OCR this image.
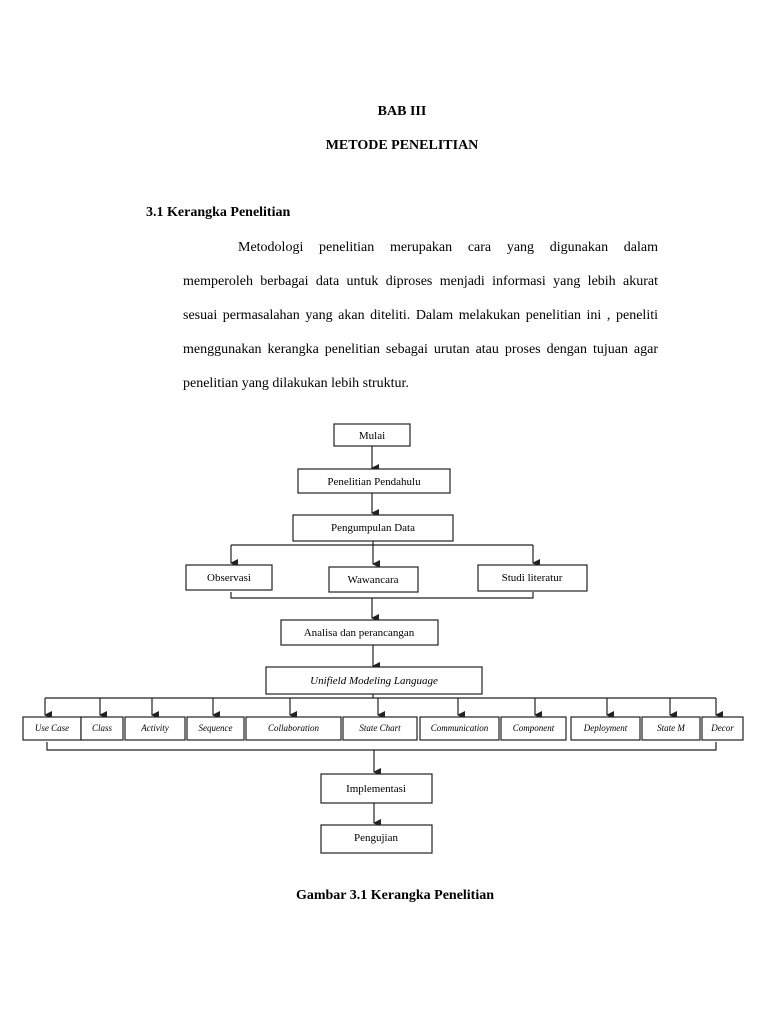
BAB III
METODE PENELITIAN
3.1 Kerangka Penelitian

Metodologi penelitian merupakan cara yang digunakan dalam memperoleh berbagai data untuk diproses menjadi informasi yang lebih akurat sesuai permasalahan yang akan diteliti. Dalam melakukan penelitian ini , peneliti menggunakan kerangka penelitian sebagai urutan atau proses dengan tujuan agar penelitian yang dilakukan lebih struktur.

Mulai
Penelitian Pendahulu
Pengumpulan Data
Observasi	Wawancara	Studi literatur
Analisa dan perancangan
Unifield Modeling Language
Use Case	Class	Activity	Sequence	Collaboration	State Chart	Communication	Component	Deployment	State M	Decor
Implementasi
Pengujian
Gambar 3.1 Kerangka Penelitian
